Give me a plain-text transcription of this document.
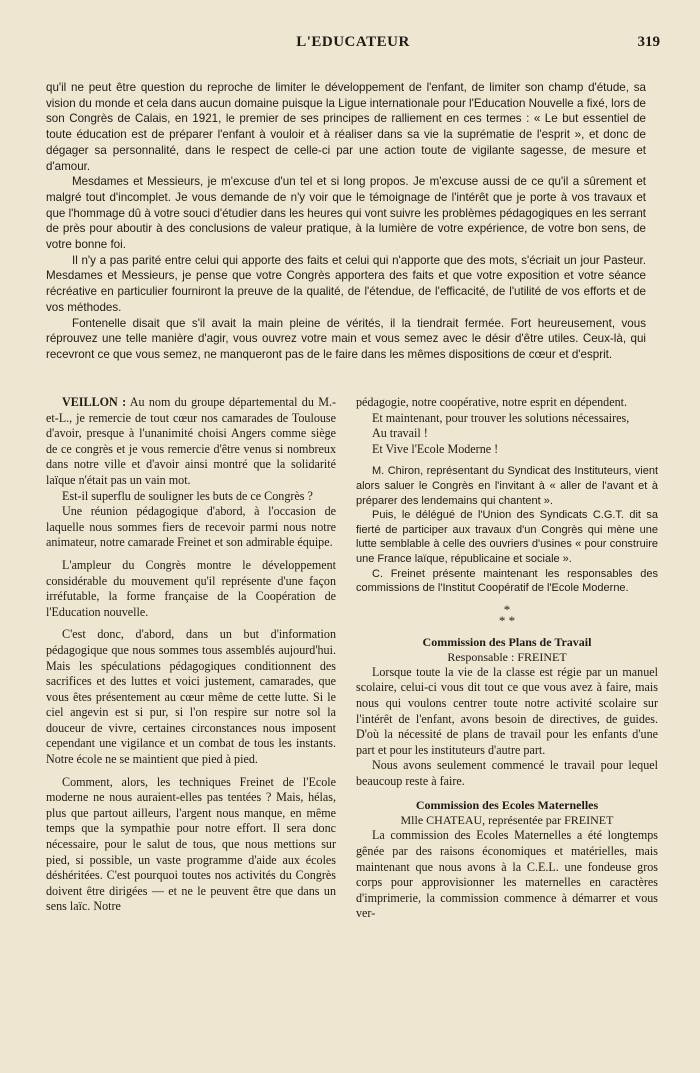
L'EDUCATEUR	319

qu'il ne peut être question du reproche de limiter le développement de l'enfant, de limiter son champ d'étude, sa vision du monde et cela dans aucun domaine puisque la Ligue internationale pour l'Education Nouvelle a fixé, lors de son Congrès de Calais, en 1921, le premier de ses principes de ralliement en ces termes : « Le but essentiel de toute éducation est de préparer l'enfant à vouloir et à réaliser dans sa vie la suprématie de l'esprit », et donc de dégager sa personnalité, dans le respect de celle-ci par une action toute de vigilante sagesse, de mesure et d'amour.

Mesdames et Messieurs, je m'excuse d'un tel et si long propos. Je m'excuse aussi de ce qu'il a sûrement et malgré tout d'incomplet. Je vous demande de n'y voir que le témoignage de l'intérêt que je porte à vos travaux et que l'hommage dû à votre souci d'étudier dans les heures qui vont suivre les problèmes pédagogiques en les serrant de près pour aboutir à des conclusions de valeur pratique, à la lumière de votre expérience, de votre bon sens, de votre bonne foi.

Il n'y a pas parité entre celui qui apporte des faits et celui qui n'apporte que des mots, s'écriait un jour Pasteur. Mesdames et Messieurs, je pense que votre Congrès apportera des faits et que votre exposition et votre séance récréative en particulier fourniront la preuve de la qualité, de l'étendue, de l'efficacité, de l'utilité de vos efforts et de vos méthodes.

Fontenelle disait que s'il avait la main pleine de vérités, il la tiendrait fermée. Fort heureusement, vous réprouvez une telle manière d'agir, vous ouvrez votre main et vous semez avec le désir d'être utiles. Ceux-là, qui recevront ce que vous semez, ne manqueront pas de le faire dans les mêmes dispositions de cœur et d'esprit.

VEILLON : Au nom du groupe départemental du M.-et-L., je remercie de tout cœur nos camarades de Toulouse d'avoir, presque à l'unanimité choisi Angers comme siège de ce congrès et je vous remercie d'être venus si nombreux dans notre ville et d'avoir ainsi montré que la solidarité laïque n'était pas un vain mot.

Est-il superflu de souligner les buts de ce Congrès ?

Une réunion pédagogique d'abord, à l'occasion de laquelle nous sommes fiers de recevoir parmi nous notre animateur, notre camarade Freinet et son admirable équipe.

L'ampleur du Congrès montre le développement considérable du mouvement qu'il représente d'une façon irréfutable, la forme française de la Coopération de l'Education nouvelle.

C'est donc, d'abord, dans un but d'information pédagogique que nous sommes tous assemblés aujourd'hui. Mais les spéculations pédagogiques conditionnent des sacrifices et des luttes et voici justement, camarades, que vous êtes présentement au cœur même de cette lutte. Si le ciel angevin est si pur, si l'on respire sur notre sol la douceur de vivre, certaines circonstances nous imposent cependant une vigilance et un combat de tous les instants. Notre école ne se maintient que pied à pied.

Comment, alors, les techniques Freinet de l'Ecole moderne ne nous auraient-elles pas tentées ? Mais, hélas, plus que partout ailleurs, l'argent nous manque, en même temps que la sympathie pour notre effort. Il sera donc nécessaire, pour le salut de tous, que nous mettions sur pied, si possible, un vaste programme d'aide aux écoles déshéritées. C'est pourquoi toutes nos activités du Congrès doivent être dirigées — et ne le peuvent être que dans un sens laïc. Notre

pédagogie, notre coopérative, notre esprit en dépendent.

Et maintenant, pour trouver les solutions nécessaires,

Au travail !

Et Vive l'Ecole Moderne !

M. Chiron, représentant du Syndicat des Instituteurs, vient alors saluer le Congrès en l'invitant à « aller de l'avant et à préparer des lendemains qui chantent ».

Puis, le délégué de l'Union des Syndicats C.G.T. dit sa fierté de participer aux travaux d'un Congrès qui mène une lutte semblable à celle des ouvriers d'usines « pour construire une France laïque, républicaine et sociale ».

C. Freinet présente maintenant les responsables des commissions de l'Institut Coopératif de l'Ecole Moderne.

*
* *
Commission des Plans de Travail
Responsable : FREINET

Lorsque toute la vie de la classe est régie par un manuel scolaire, celui-ci vous dit tout ce que vous avez à faire, mais nous qui voulons centrer toute notre activité scolaire sur l'intérêt de l'enfant, avons besoin de directives, de guides. D'où la nécessité de plans de travail pour les enfants d'une part et pour les instituteurs d'autre part.

Nous avons seulement commencé le travail pour lequel beaucoup reste à faire.

Commission des Ecoles Maternelles
Mlle CHATEAU, représentée par FREINET

La commission des Ecoles Maternelles a été longtemps gênée par des raisons économiques et matérielles, mais maintenant que nous avons à la C.E.L. une fondeuse gros corps pour approvisionner les maternelles en caractères d'imprimerie, la commission commence à démarrer et vous ver-
